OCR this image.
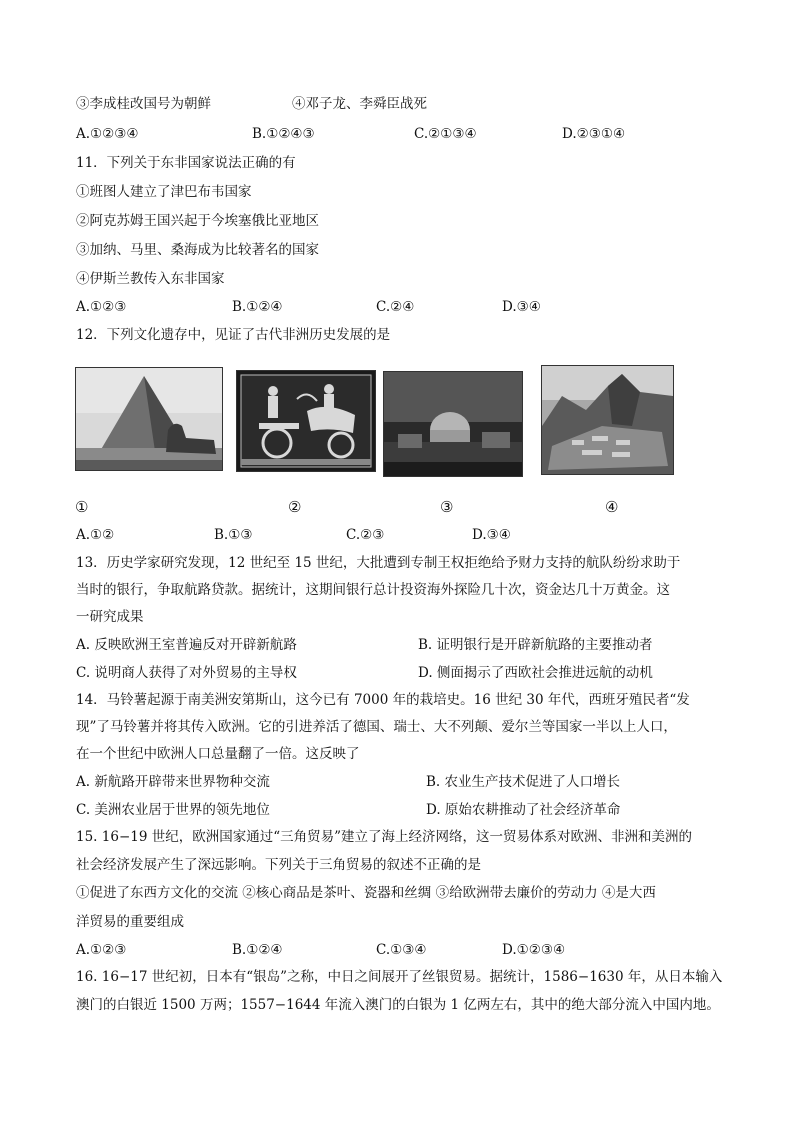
③李成桂改国号为朝鲜	④邓子龙、李舜臣战死
A.①②③④	B.①②④③	C.②①③④	D.②③①④
11．下列关于东非国家说法正确的有
①班图人建立了津巴布韦国家
②阿克苏姆王国兴起于今埃塞俄比亚地区
③加纳、马里、桑海成为比较著名的国家
④伊斯兰教传入东非国家
A.①②③	B.①②④	C.②④	D.③④
12．下列文化遗存中，见证了古代非洲历史发展的是
①	②	③	④
A.①②	B.①③	C.②③	D.③④
13．历史学家研究发现，12 世纪至 15 世纪，大批遭到专制王权拒绝给予财力支持的航队纷纷求助于
当时的银行，争取航路贷款。据统计，这期间银行总计投资海外探险几十次，资金达几十万黄金。这
一研究成果
A. 反映欧洲王室普遍反对开辟新航路	B. 证明银行是开辟新航路的主要推动者
C. 说明商人获得了对外贸易的主导权	D. 侧面揭示了西欧社会推进远航的动机
14．马铃薯起源于南美洲安第斯山，这今已有 7000 年的栽培史。16 世纪 30 年代，西班牙殖民者“发
现”了马铃薯并将其传入欧洲。它的引进养活了德国、瑞士、大不列颠、爱尔兰等国家一半以上人口，
在一个世纪中欧洲人口总量翻了一倍。这反映了
A. 新航路开辟带来世界物种交流	B. 农业生产技术促进了人口增长
C. 美洲农业居于世界的领先地位	D. 原始农耕推动了社会经济革命
15. 16−19 世纪，欧洲国家通过“三角贸易”建立了海上经济网络，这一贸易体系对欧洲、非洲和美洲的
社会经济发展产生了深远影响。下列关于三角贸易的叙述不正确的是
①促进了东西方文化的交流 ②核心商品是茶叶、瓷器和丝绸 ③给欧洲带去廉价的劳动力 ④是大西
洋贸易的重要组成
A.①②③	B.①②④	C.①③④	D.①②③④
16. 16−17 世纪初，日本有“银岛”之称，中日之间展开了丝银贸易。据统计，1586−1630 年，从日本输入
澳门的白银近 1500 万两；1557−1644 年流入澳门的白银为 1 亿两左右，其中的绝大部分流入中国内地。
